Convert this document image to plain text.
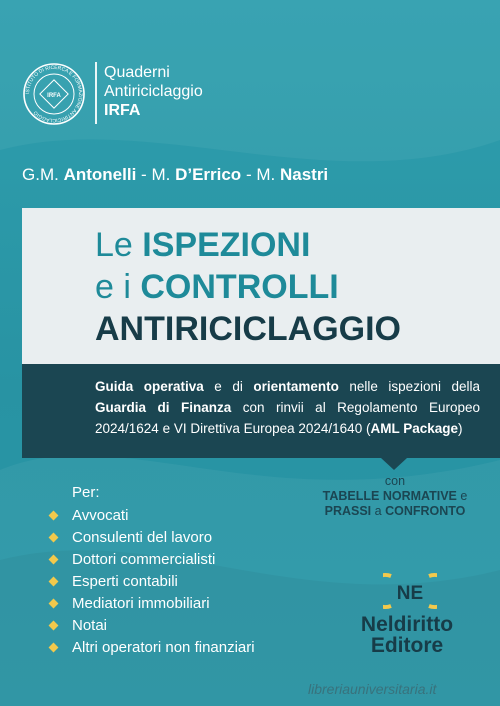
ISTITUTO DI RICERCA E FORMAZIONE ANTIRICICLAGGIO
IRFA
Quaderni
Antiriciclaggio
IRFA
G.M. Antonelli - M. D’Errico - M. Nastri
Le ISPEZIONI
e i CONTROLLI
ANTIRICICLAGGIO

Guida operativa e di orientamento nelle ispezioni della Guardia di Finanza con rinvii al Regolamento Europeo 2024/1624 e VI Direttiva Europea 2024/1640 (AML Package)

con
TABELLE NORMATIVE e
PRASSI a CONFRONTO
Per:
Avvocati
Consulenti del lavoro
Dottori commercialisti
Esperti contabili
Mediatori immobiliari
Notai
Altri operatori non finanziari
NE
Neldiritto
Editore
libreriauniversitaria.it
